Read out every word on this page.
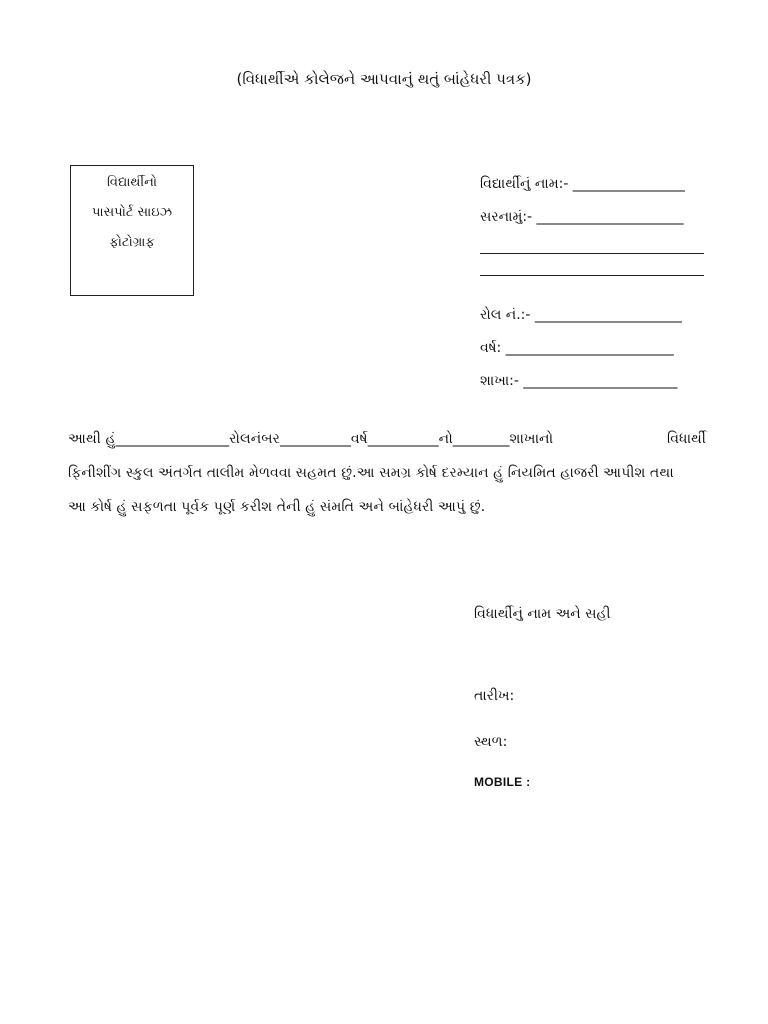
(વિધાર્થીએ કોલેજને આપવાનું થતું બાંહેધરી પત્રક)
વિદ્યાર્થીનો
પાસપોર્ટ સાઇઝ
ફોટોગ્રાફ
વિદ્યાર્થીનું નામ:- ________________
સરનામું:- _____________________
રોલ નં.:- _____________________
વર્ષ: ________________________
શાખા:- ______________________
આથી હું________________રોલનંબર__________વર્ષ__________નો________શાખાનો	વિધાર્થી
ફિનીશીંગ સ્કુલ અંતર્ગત તાલીમ મેળવવા સહમત છું.આ સમગ્ર કોર્ષ દરમ્યાન હું નિયમિત હાજરી આપીશ તથા
આ કોર્ષ હું સફળતા પૂર્વક પૂર્ણ કરીશ તેની હું સંમતિ અને બાંહેધરી આપું છું.
વિધાર્થીનું નામ અને સહી
તારીખ:
સ્થળ:
MOBILE :
